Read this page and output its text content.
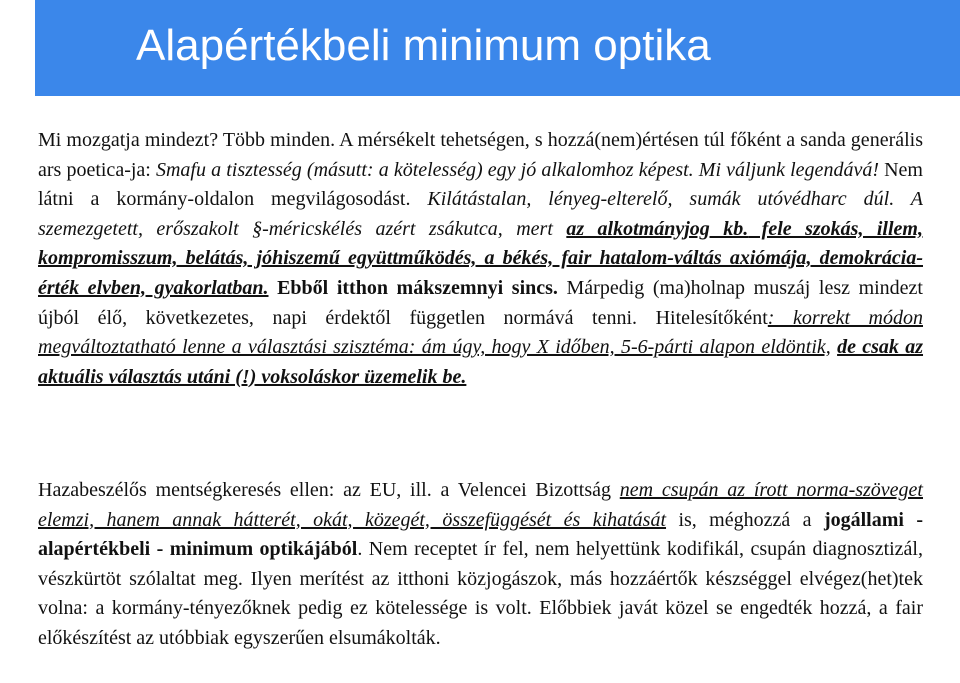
Alapértékbeli minimum optika
Mi mozgatja mindezt? Több minden. A mérsékelt tehetségen, s hozzá(nem)értésen túl főként a sanda generális ars poetica-ja: Smafu a tisztesség (másutt: a kötelesség) egy jó alkalomhoz képest. Mi váljunk legendává! Nem látni a kormány-oldalon megvilágosodást. Kilátástalan, lényeg-elterelő, sumák utóvédharc dúl. A szemezgetett, erőszakolt §-méricskélés azért zsákutca, mert az alkotmányjog kb. fele szokás, illem, kompromisszum, belátás, jóhiszemű együttműködés, a békés, fair hatalom-váltás axiómája, demokrácia-érték elvben, gyakorlatban. Ebből itthon mákszemnyi sincs. Márpedig (ma)holnap muszáj lesz mindezt újból élő, következetes, napi érdektől független normává tenni. Hitelesítőként: korrekt módon megváltoztatható lenne a választási szisztéma: ám úgy, hogy X időben, 5-6-párti alapon eldöntik, de csak az aktuális választás utáni (!) voksoláskor üzemelik be.
Hazabeszélős mentségkeresés ellen: az EU, ill. a Velencei Bizottság nem csupán az írott norma-szöveget elemzi, hanem annak hátterét, okát, közegét, összefüggését és kihatását is, méghozzá a jogállami - alapértékbeli - minimum optikájából. Nem receptet ír fel, nem helyettünk kodifikál, csupán diagnosztizál, vészkürtöt szólaltat meg. Ilyen merítést az itthoni közjogászok, más hozzáértők készséggel elvégez(het)tek volna: a kormány-tényezőknek pedig ez kötelessége is volt. Előbbiek javát közel se engedték hozzá, a fair előkészítést az utóbbiak egyszerűen elsumákolták.
